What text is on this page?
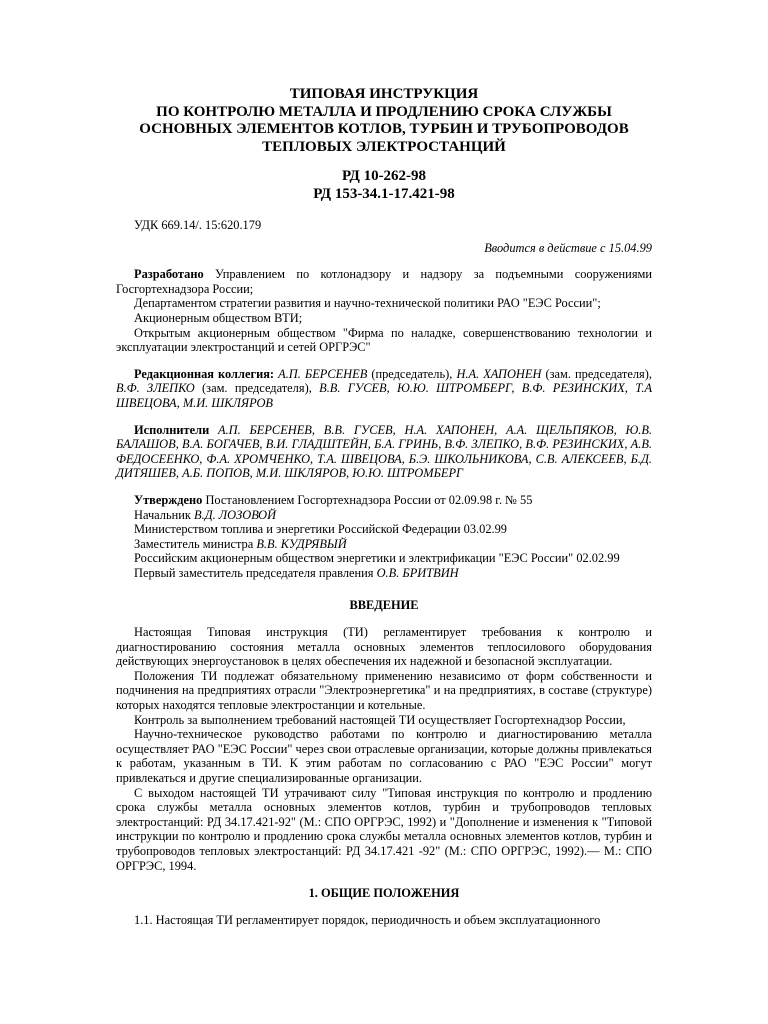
ТИПОВАЯ ИНСТРУКЦИЯ
ПО КОНТРОЛЮ МЕТАЛЛА И ПРОДЛЕНИЮ СРОКА СЛУЖБЫ
ОСНОВНЫХ ЭЛЕМЕНТОВ КОТЛОВ, ТУРБИН И ТРУБОПРОВОДОВ
ТЕПЛОВЫХ ЭЛЕКТРОСТАНЦИЙ
РД 10-262-98
РД 153-34.1-17.421-98
УДК 669.14/. 15:620.179
Вводится в действие с 15.04.99

Разработано Управлением по котлонадзору и надзору за подъемными сооружениями Госгортехнадзора России;

Департаментом стратегии развития и научно-технической политики РАО "ЕЭС России";

Акционерным обществом ВТИ;

Открытым акционерным обществом "Фирма по наладке, совершенствованию технологии и эксплуатации электростанций и сетей ОРГРЭС"

Редакционная коллегия: А.П. БЕРСЕНЕВ (председатель), Н.А. ХАПОНЕН (зам. председателя), В.Ф. ЗЛЕПКО (зам. председателя), В.В. ГУСЕВ, Ю.Ю. ШТРОМБЕРГ, В.Ф. РЕЗИНСКИХ, Т.А ШВЕЦОВА, М.И. ШКЛЯРОВ

Исполнители А.П. БЕРСЕНЕВ, В.В. ГУСЕВ, Н.А. ХАПОНЕН, А.А. ЩЕЛЬПЯКОВ, Ю.В. БАЛАШОВ, В.А. БОГАЧЕВ, В.И. ГЛАДШТЕЙН, Б.А. ГРИНЬ, В.Ф. ЗЛЕПКО, В.Ф. РЕЗИНСКИХ, А.В. ФЕДОСЕЕНКО, Ф.А. ХРОМЧЕНКО, Т.А. ШВЕЦОВА, Б.Э. ШКОЛЬНИКОВА, С.В. АЛЕКСЕЕВ, Б.Д. ДИТЯШЕВ, А.Б. ПОПОВ, М.И. ШКЛЯРОВ, Ю.Ю. ШТРОМБЕРГ

Утверждено Постановлением Госгортехнадзора России от 02.09.98 г. № 55

Начальник В.Д. ЛОЗОВОЙ

Министерством топлива и энергетики Российской Федерации 03.02.99

Заместитель министра В.В. КУДРЯВЫЙ

Российским акционерным обществом энергетики и электрификации "ЕЭС России" 02.02.99

Первый заместитель председателя правления О.В. БРИТВИН

ВВЕДЕНИЕ

Настоящая Типовая инструкция (ТИ) регламентирует требования к контролю и диагностированию состояния металла основных элементов теплосилового оборудования действующих энергоустановок в целях обеспечения их надежной и безопасной эксплуатации.

Положения ТИ подлежат обязательному применению независимо от форм собственности и подчинения на предприятиях отрасли "Электроэнергетика" и на предприятиях, в составе (структуре) которых находятся тепловые электростанции и котельные.

Контроль за выполнением требований настоящей ТИ осуществляет Госгортехнадзор России,

Научно-техническое руководство работами по контролю и диагностированию металла осуществляет РАО "ЕЭС России" через свои отраслевые организации, которые должны привлекаться к работам, указанным в ТИ. К этим работам по согласованию с РАО "ЕЭС России" могут привлекаться и другие специализированные организации.

С выходом настоящей ТИ утрачивают силу "Типовая инструкция по контролю и продлению срока службы металла основных элементов котлов, турбин и трубопроводов тепловых электростанций: РД 34.17.421-92" (М.: СПО ОРГРЭС, 1992) и "Дополнение и изменения к "Типовой инструкции по контролю и продлению срока службы металла основных элементов котлов, турбин и трубопроводов тепловых электростанций: РД 34.17.421 -92" (М.: СПО ОРГРЭС, 1992).— М.: СПО ОРГРЭС, 1994.

1. ОБЩИЕ ПОЛОЖЕНИЯ
1.1. Настоящая ТИ регламентирует порядок, периодичность и объем эксплуатационного
